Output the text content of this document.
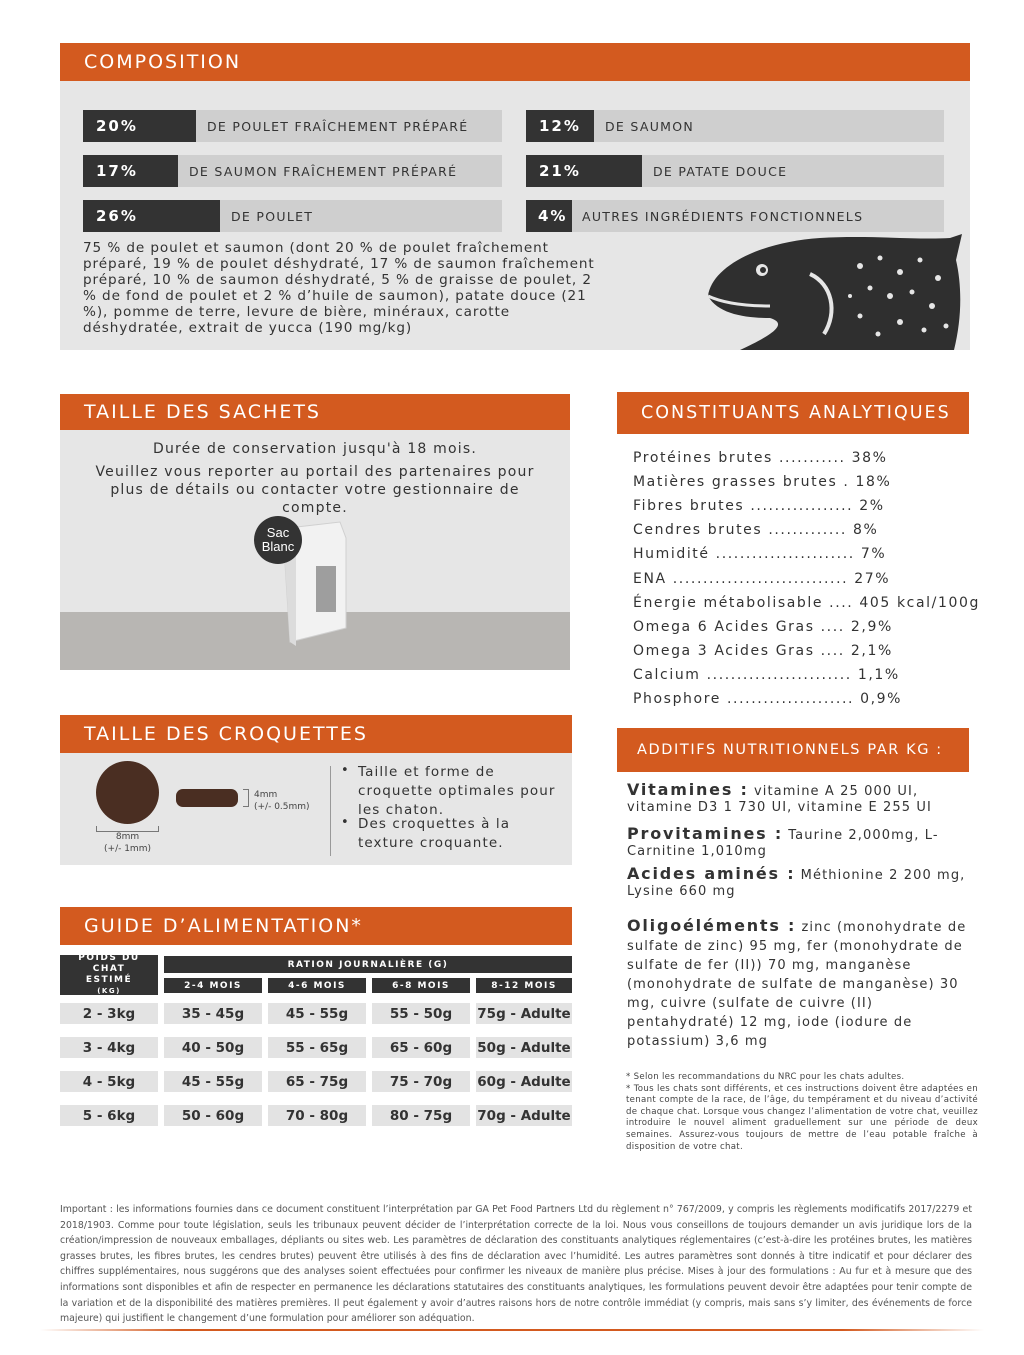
COMPOSITION
20%	DE POULET FRAÎCHEMENT PRÉPARÉ
17%	DE SAUMON FRAÎCHEMENT PRÉPARÉ
26%	DE POULET
12%	DE SAUMON
21%	DE PATATE DOUCE
4%	AUTRES INGRÉDIENTS FONCTIONNELS
75 % de poulet et saumon (dont 20 % de poulet fraîchement préparé, 19 % de poulet déshydraté, 17 % de saumon fraîchement préparé, 10 % de saumon déshydraté, 5 % de graisse de poulet, 2 % de fond de poulet et 2 % d’huile de saumon), patate douce (21 %), pomme de terre, levure de bière, minéraux, carotte déshydratée, extrait de yucca (190 mg/kg)
TAILLE DES SACHETS
Durée de conservation jusqu'à 18 mois.
Veuillez vous reporter au portail des partenaires pour plus de détails ou contacter votre gestionnaire de compte.
Sac
Blanc
TAILLE DES CROQUETTES
8mm
(+/- 1mm)
4mm
(+/- 0.5mm)
• Taille et forme de croquette optimales pour les chaton.
• Des croquettes à la texture croquante.
GUIDE D’ALIMENTATION*
POIDS DU CHAT ESTIMÉ
(KG)
RATION JOURNALIÈRE (G)
2-4 MOIS	4-6 MOIS	6-8 MOIS	8-12 MOIS
2 - 3kg	35 - 45g	45 - 55g	55 - 50g	75g - Adulte
3 - 4kg	40 - 50g	55 - 65g	65 - 60g	50g - Adulte
4 - 5kg	45 - 55g	65 - 75g	75 - 70g	60g - Adulte
5 - 6kg	50 - 60g	70 - 80g	80 - 75g	70g - Adulte
CONSTITUANTS ANALYTIQUES
Protéines brutes ........... 38%
Matières grasses brutes . 18%
Fibres brutes ................. 2%
Cendres brutes ............. 8%
Humidité ....................... 7%
ENA ............................. 27%
Énergie métabolisable .... 405 kcal/100g
Omega 6 Acides Gras .... 2,9%
Omega 3 Acides Gras .... 2,1%
Calcium ........................ 1,1%
Phosphore ..................... 0,9%
ADDITIFS NUTRITIONNELS PAR KG :
Vitamines : vitamine A 25 000 UI, vitamine D3 1 730 UI, vitamine E 255 UI
Provitamines : Taurine 2,000mg, L-Carnitine 1,010mg
Acides aminés : Méthionine 2 200 mg, Lysine 660 mg
Oligoéléments : zinc (monohydrate de sulfate de zinc) 95 mg, fer (monohydrate de sulfate de fer (II)) 70 mg, manganèse (monohydrate de sulfate de manganèse) 30 mg, cuivre (sulfate de cuivre (II) pentahydraté) 12 mg, iode (iodure de potassium) 3,6 mg
* Selon les recommandations du NRC pour les chats adultes.
* Tous les chats sont différents, et ces instructions doivent être adaptées en tenant compte de la race, de l’âge, du tempérament et du niveau d’activité de chaque chat. Lorsque vous changez l’alimentation de votre chat, veuillez introduire le nouvel aliment graduellement sur une période de deux semaines. Assurez-vous toujours de mettre de l’eau potable fraîche à disposition de votre chat.
Important : les informations fournies dans ce document constituent l’interprétation par GA Pet Food Partners Ltd du règlement n° 767/2009, y compris les règlements modificatifs 2017/2279 et 2018/1903. Comme pour toute législation, seuls les tribunaux peuvent décider de l’interprétation correcte de la loi. Nous vous conseillons de toujours demander un avis juridique lors de la création/impression de nouveaux emballages, dépliants ou sites web. Les paramètres de déclaration des constituants analytiques réglementaires (c’est-à-dire les protéines brutes, les matières grasses brutes, les fibres brutes, les cendres brutes) peuvent être utilisés à des fins de déclaration avec l’humidité. Les autres paramètres sont donnés à titre indicatif et pour déclarer des chiffres supplémentaires, nous suggérons que des analyses soient effectuées pour confirmer les niveaux de manière plus précise. Mises à jour des formulations : Au fur et à mesure que des informations sont disponibles et afin de respecter en permanence les déclarations statutaires des constituants analytiques, les formulations peuvent devoir être adaptées pour tenir compte de la variation et de la disponibilité des matières premières. Il peut également y avoir d’autres raisons hors de notre contrôle immédiat (y compris, mais sans s’y limiter, des événements de force majeure) qui justifient le changement d’une formulation pour améliorer son adéquation.
